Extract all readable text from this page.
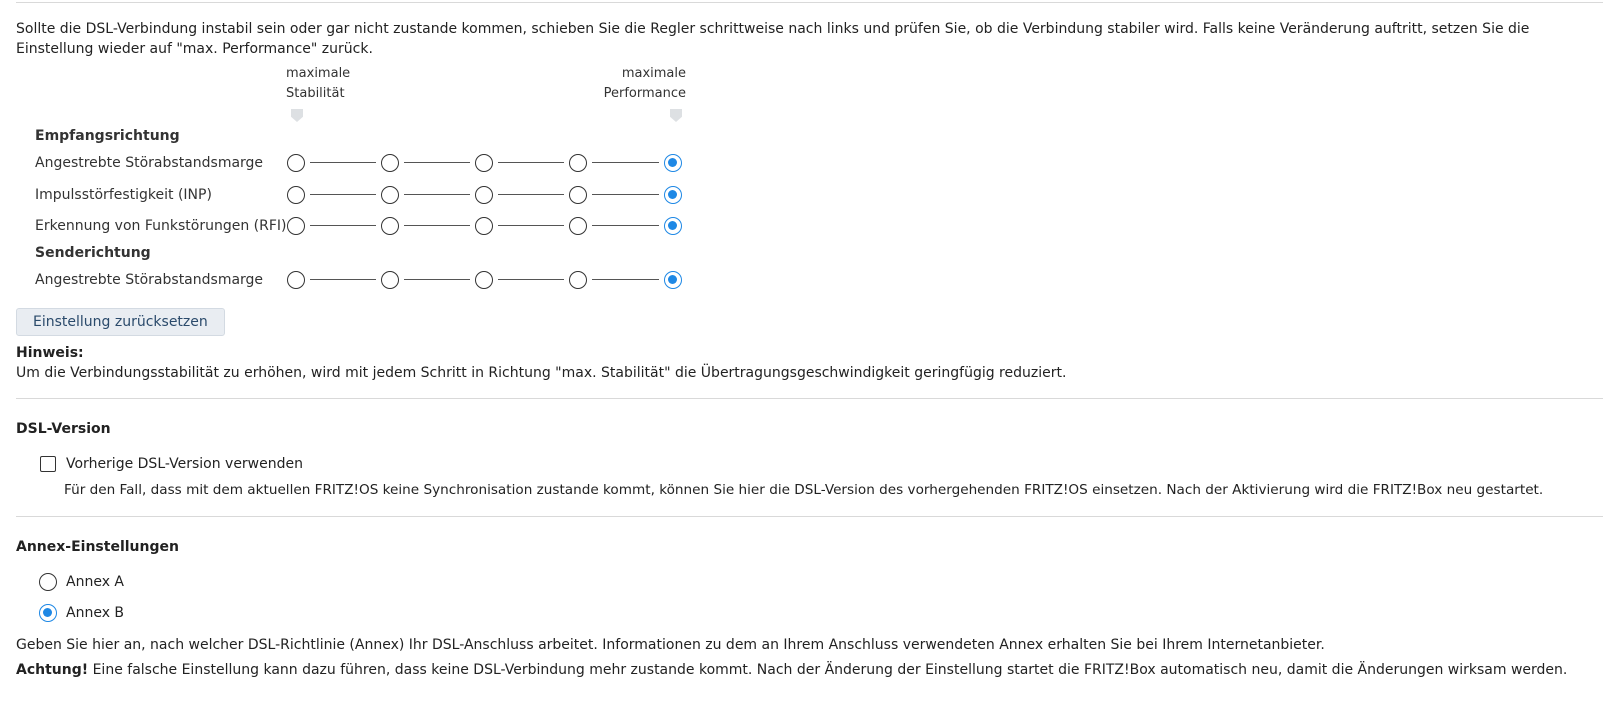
Sollte die DSL-Verbindung instabil sein oder gar nicht zustande kommen, schieben Sie die Regler schrittweise nach links und prüfen Sie, ob die Verbindung stabiler wird. Falls keine Veränderung auftritt, setzen Sie die Einstellung wieder auf "max. Performance" zurück.
maximale
Stabilität
maximale
Performance
Empfangsrichtung
Angestrebte Störabstandsmarge
Impulsstörfestigkeit (INP)
Erkennung von Funkstörungen (RFI)
Senderichtung
Angestrebte Störabstandsmarge
Einstellung zurücksetzen
Hinweis:
Um die Verbindungsstabilität zu erhöhen, wird mit jedem Schritt in Richtung "max. Stabilität" die Übertragungsgeschwindigkeit geringfügig reduziert.
DSL-Version
Vorherige DSL-Version verwenden
Für den Fall, dass mit dem aktuellen FRITZ!OS keine Synchronisation zustande kommt, können Sie hier die DSL-Version des vorhergehenden FRITZ!OS einsetzen. Nach der Aktivierung wird die FRITZ!Box neu gestartet.
Annex-Einstellungen
Annex A
Annex B
Geben Sie hier an, nach welcher DSL-Richtlinie (Annex) Ihr DSL-Anschluss arbeitet. Informationen zu dem an Ihrem Anschluss verwendeten Annex erhalten Sie bei Ihrem Internetanbieter.
Achtung! Eine falsche Einstellung kann dazu führen, dass keine DSL-Verbindung mehr zustande kommt. Nach der Änderung der Einstellung startet die FRITZ!Box automatisch neu, damit die Änderungen wirksam werden.
